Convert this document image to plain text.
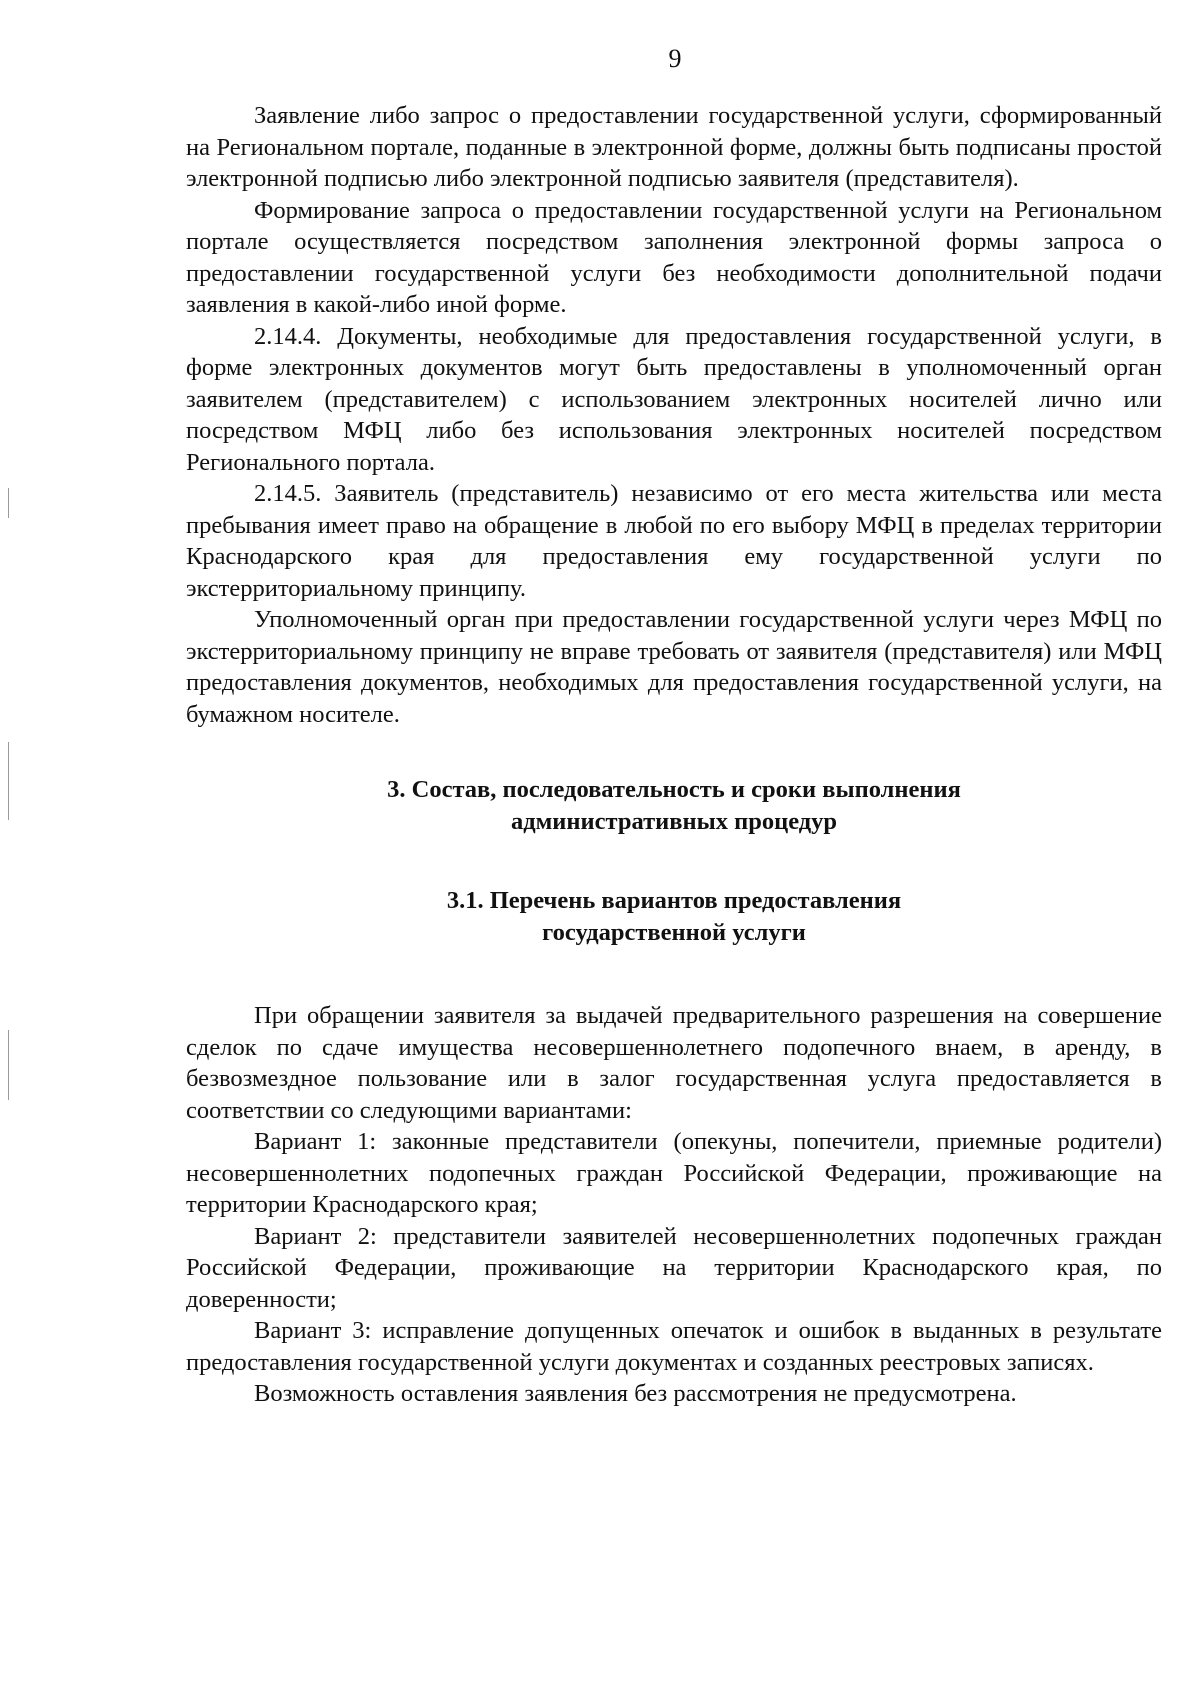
9

Заявление либо запрос о предоставлении государственной услуги, сформированный на Региональном портале, поданные в электронной форме, должны быть подписаны простой электронной подписью либо электронной подписью заявителя (представителя).

Формирование запроса о предоставлении государственной услуги на Региональном портале осуществляется посредством заполнения электронной формы запроса о предоставлении государственной услуги без необходимости дополнительной подачи заявления в какой-либо иной форме.

2.14.4. Документы, необходимые для предоставления государственной услуги, в форме электронных документов могут быть предоставлены в уполномоченный орган заявителем (представителем) с использованием электронных носителей лично или посредством МФЦ либо без использования электронных носителей посредством Регионального портала.

2.14.5. Заявитель (представитель) независимо от его места жительства или места пребывания имеет право на обращение в любой по его выбору МФЦ в пределах территории Краснодарского края для предоставления ему государственной услуги по экстерриториальному принципу.

Уполномоченный орган при предоставлении государственной услуги через МФЦ по экстерриториальному принципу не вправе требовать от заявителя (представителя) или МФЦ предоставления документов, необходимых для предоставления государственной услуги, на бумажном носителе.

3. Состав, последовательность и сроки выполнения
административных процедур
3.1. Перечень вариантов предоставления
государственной услуги

При обращении заявителя за выдачей предварительного разрешения на совершение сделок по сдаче имущества несовершеннолетнего подопечного внаем, в аренду, в безвозмездное пользование или в залог государственная услуга предоставляется в соответствии со следующими вариантами:

Вариант 1: законные представители (опекуны, попечители, приемные родители) несовершеннолетних подопечных граждан Российской Федерации, проживающие на территории Краснодарского края;

Вариант 2: представители заявителей несовершеннолетних подопечных граждан Российской Федерации, проживающие на территории Краснодарского края, по доверенности;

Вариант 3: исправление допущенных опечаток и ошибок в выданных в результате предоставления государственной услуги документах и созданных реестровых записях.

Возможность оставления заявления без рассмотрения не предусмотрена.
